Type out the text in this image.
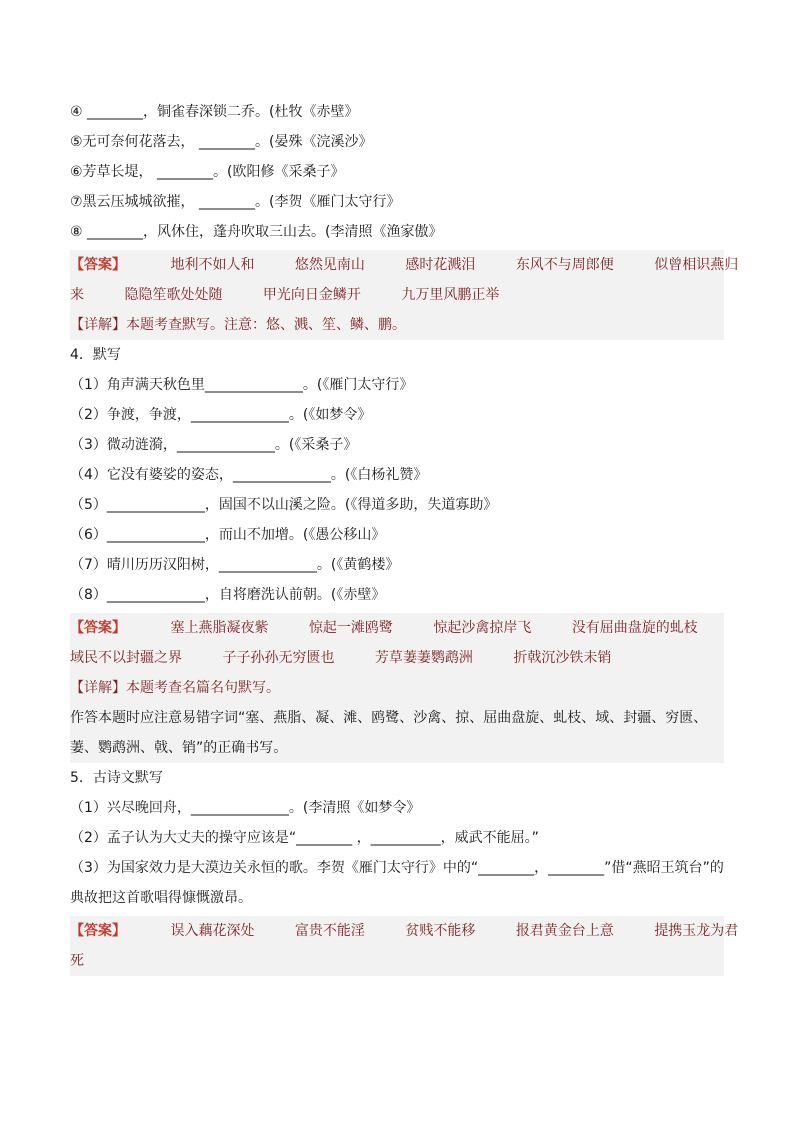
④ ________，铜雀春深锁二乔。(杜牧《赤壁》
⑤无可奈何花落去， ________。(晏殊《浣溪沙》
⑥芳草长堤， ________。(欧阳修《采桑子》
⑦黑云压城城欲摧， ________。(李贺《雁门太守行》
⑧ ________，风休住，蓬舟吹取三山去。(李清照《渔家傲》
【答案】	地利不如人和	悠然见南山	感时花溅泪	东风不与周郎便	似曾相识燕归
来	隐隐笙歌处处随	甲光向日金鳞开	九万里风鹏正举
【详解】本题考查默写。注意：悠、溅、笙、鳞、鹏。
4．默写
（1）角声满天秋色里______________。(《雁门太守行》
（2）争渡，争渡，______________。(《如梦令》
（3）微动涟漪，______________。(《采桑子》
（4）它没有婆娑的姿态，______________。(《白杨礼赞》
（5）______________，固国不以山溪之险。(《得道多助，失道寡助》
（6）______________，而山不加增。(《愚公移山》
（7）晴川历历汉阳树，______________。(《黄鹤楼》
（8）______________，自将磨洗认前朝。(《赤壁》
【答案】	塞上燕脂凝夜紫	惊起一滩鸥鹭	惊起沙禽掠岸飞	没有屈曲盘旋的虬枝
域民不以封疆之界	子子孙孙无穷匮也	芳草萋萋鹦鹉洲	折戟沉沙铁未销
【详解】本题考查名篇名句默写。
作答本题时应注意易错字词“塞、燕脂、凝、滩、鸥鹭、沙禽、掠、屈曲盘旋、虬枝、域、封疆、穷匮、萋、鹦鹉洲、戟、销”的正确书写。
5．古诗文默写
（1）兴尽晚回舟，______________。(李清照《如梦令》
（2）孟子认为大丈夫的操守应该是“________ ，__________，威武不能屈。”
（3）为国家效力是大漠边关永恒的歌。李贺《雁门太守行》中的“________，________”借“燕昭王筑台”的
典故把这首歌唱得慷慨激昂。
【答案】	误入藕花深处	富贵不能淫	贫贱不能移	报君黄金台上意	提携玉龙为君
死
